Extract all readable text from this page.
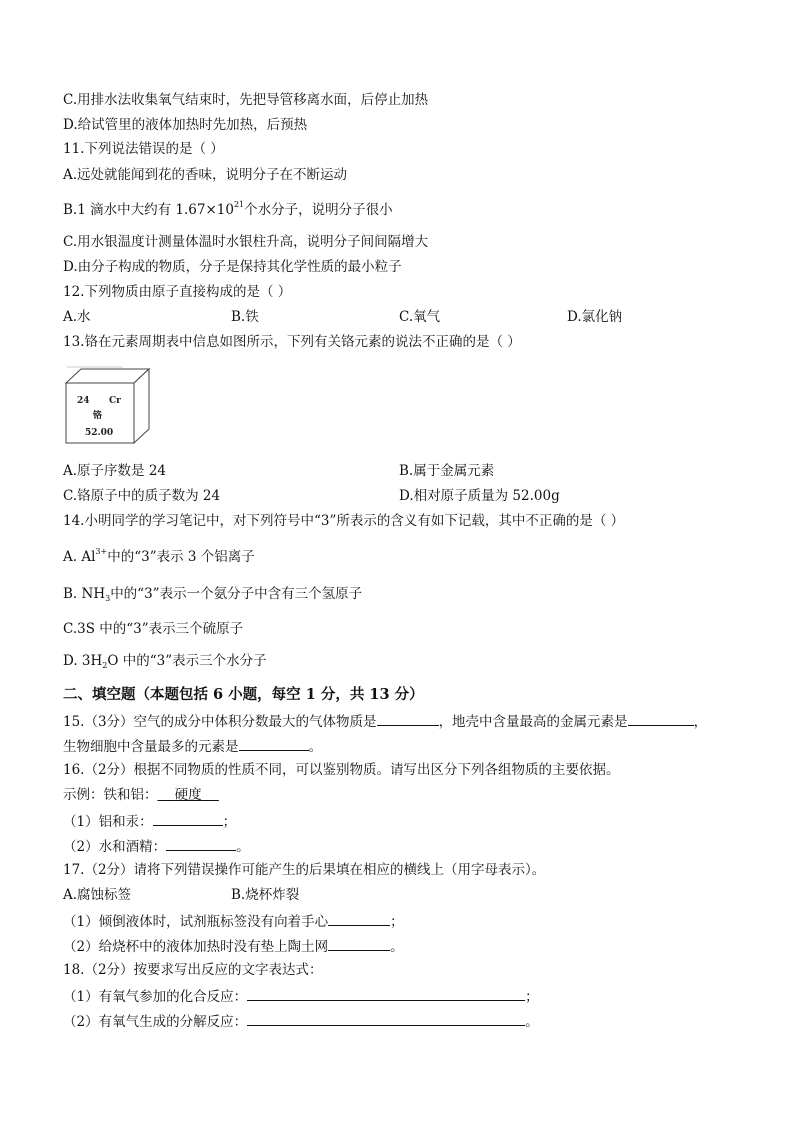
C.用排水法收集氧气结束时，先把导管移离水面，后停止加热
D.给试管里的液体加热时先加热，后预热
11.下列说法错误的是（ ）
A.远处就能闻到花的香味，说明分子在不断运动
B.1 滴水中大约有 $1.67\times 10^{21}$个水分子，说明分子很小
C.用水银温度计测量体温时水银柱升高，说明分子间间隔增大
D.由分子构成的物质，分子是保持其化学性质的最小粒子
12.下列物质由原子直接构成的是（ ）
A.水	B.铁	C.氧气	D.氯化钠
13.铬在元素周期表中信息如图所示，下列有关铬元素的说法不正确的是（ ）
24 Cr
铬
52.00
A.原子序数是 24	B.属于金属元素
C.铬原子中的质子数为 24	D.相对原子质量为 52.00g
14.小明同学的学习笔记中，对下列符号中“3”所表示的含义有如下记载，其中不正确的是（ ）
A. $Al^{3+}$中的“3”表示 3 个铝离子
B. $NH_3$中的“3”表示一个氨分子中含有三个氢原子
C.3S 中的“3”表示三个硫原子
D. $3H_2O$ 中的“3”表示三个水分子
二、填空题（本题包括 6 小题，每空 1 分，共 13 分）
15.（3分）空气的成分中体积分数最大的气体物质是	，地壳中含量最高的金属元素是	，
生物细胞中含量最多的元素是	。
16.（2分）根据不同物质的性质不同，可以鉴别物质。请写出区分下列各组物质的主要依据。
示例：铁和铝： 硬度
（1）铝和汞：	；
（2）水和酒精：	。
17.（2分）请将下列错误操作可能产生的后果填在相应的横线上（用字母表示）。
A.腐蚀标签	B.烧杯炸裂
（1）倾倒液体时，试剂瓶标签没有向着手心	；
（2）给烧杯中的液体加热时没有垫上陶土网	。
18.（2分）按要求写出反应的文字表达式：
（1）有氧气参加的化合反应：	；
（2）有氧气生成的分解反应：	。
